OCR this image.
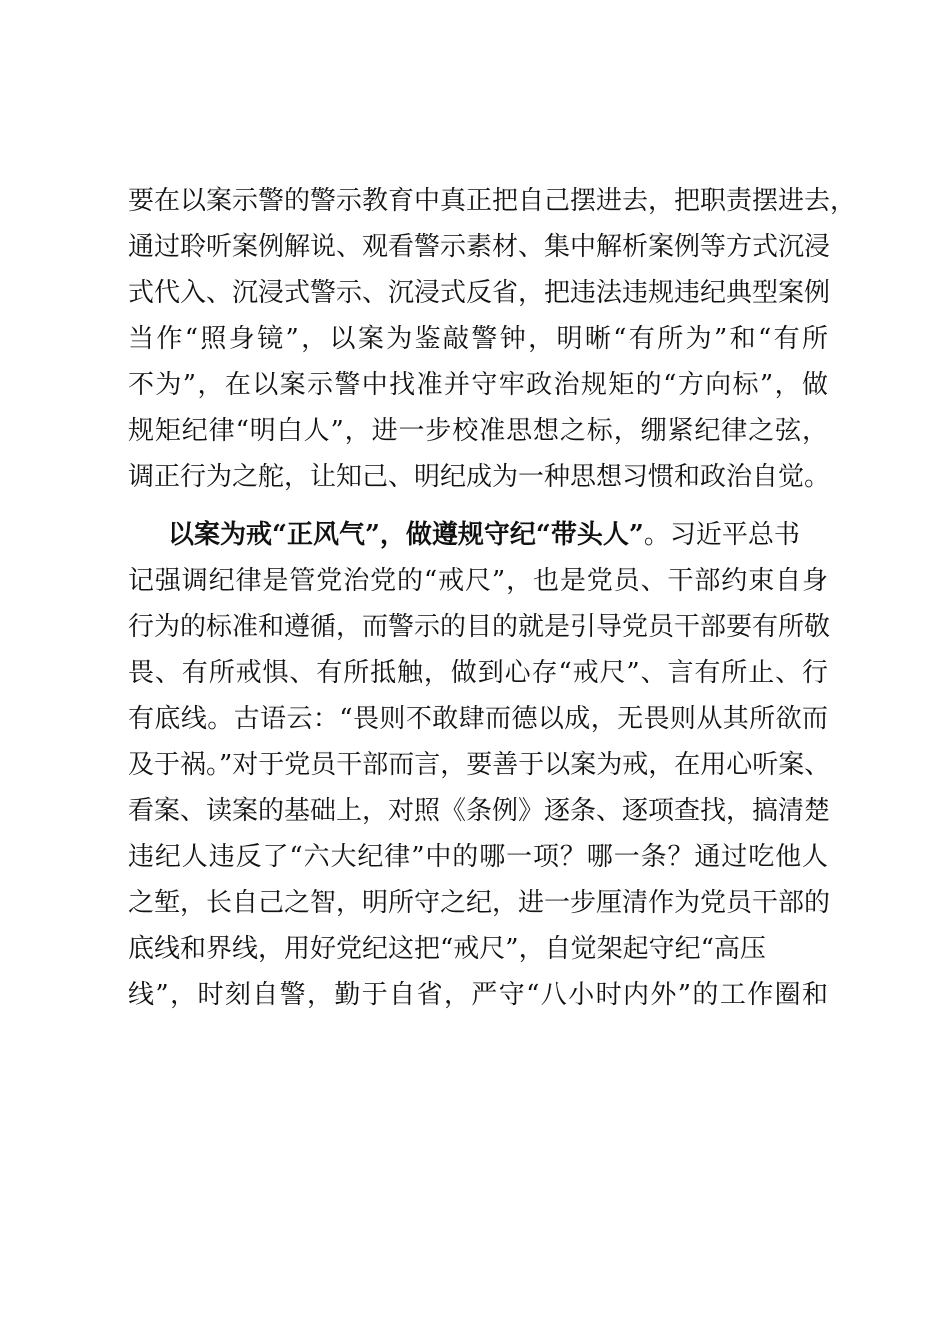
要在以案示警的警示教育中真正把自己摆进去，把职责摆进去，
通过聆听案例解说、观看警示素材、集中解析案例等方式沉浸
式代入、沉浸式警示、沉浸式反省，把违法违规违纪典型案例
当作“照身镜”，以案为鉴敲警钟，明晰“有所为”和“有所
不为”，在以案示警中找准并守牢政治规矩的“方向标”，做
规矩纪律“明白人”，进一步校准思想之标，绷紧纪律之弦，
调正行为之舵，让知己、明纪成为一种思想习惯和政治自觉。
以案为戒“正风气”，做遵规守纪“带头人”。习近平总书
记强调纪律是管党治党的“戒尺”，也是党员、干部约束自身
行为的标准和遵循，而警示的目的就是引导党员干部要有所敬
畏、有所戒惧、有所抵触，做到心存“戒尺”、言有所止、行
有底线。古语云：“畏则不敢肆而德以成，无畏则从其所欲而
及于祸。”对于党员干部而言，要善于以案为戒，在用心听案、
看案、读案的基础上，对照《条例》逐条、逐项查找，搞清楚
违纪人违反了“六大纪律”中的哪一项？哪一条？通过吃他人
之堑，长自己之智，明所守之纪，进一步厘清作为党员干部的
底线和界线，用好党纪这把“戒尺”，自觉架起守纪“高压
线”，时刻自警，勤于自省，严守“八小时内外”的工作圈和
